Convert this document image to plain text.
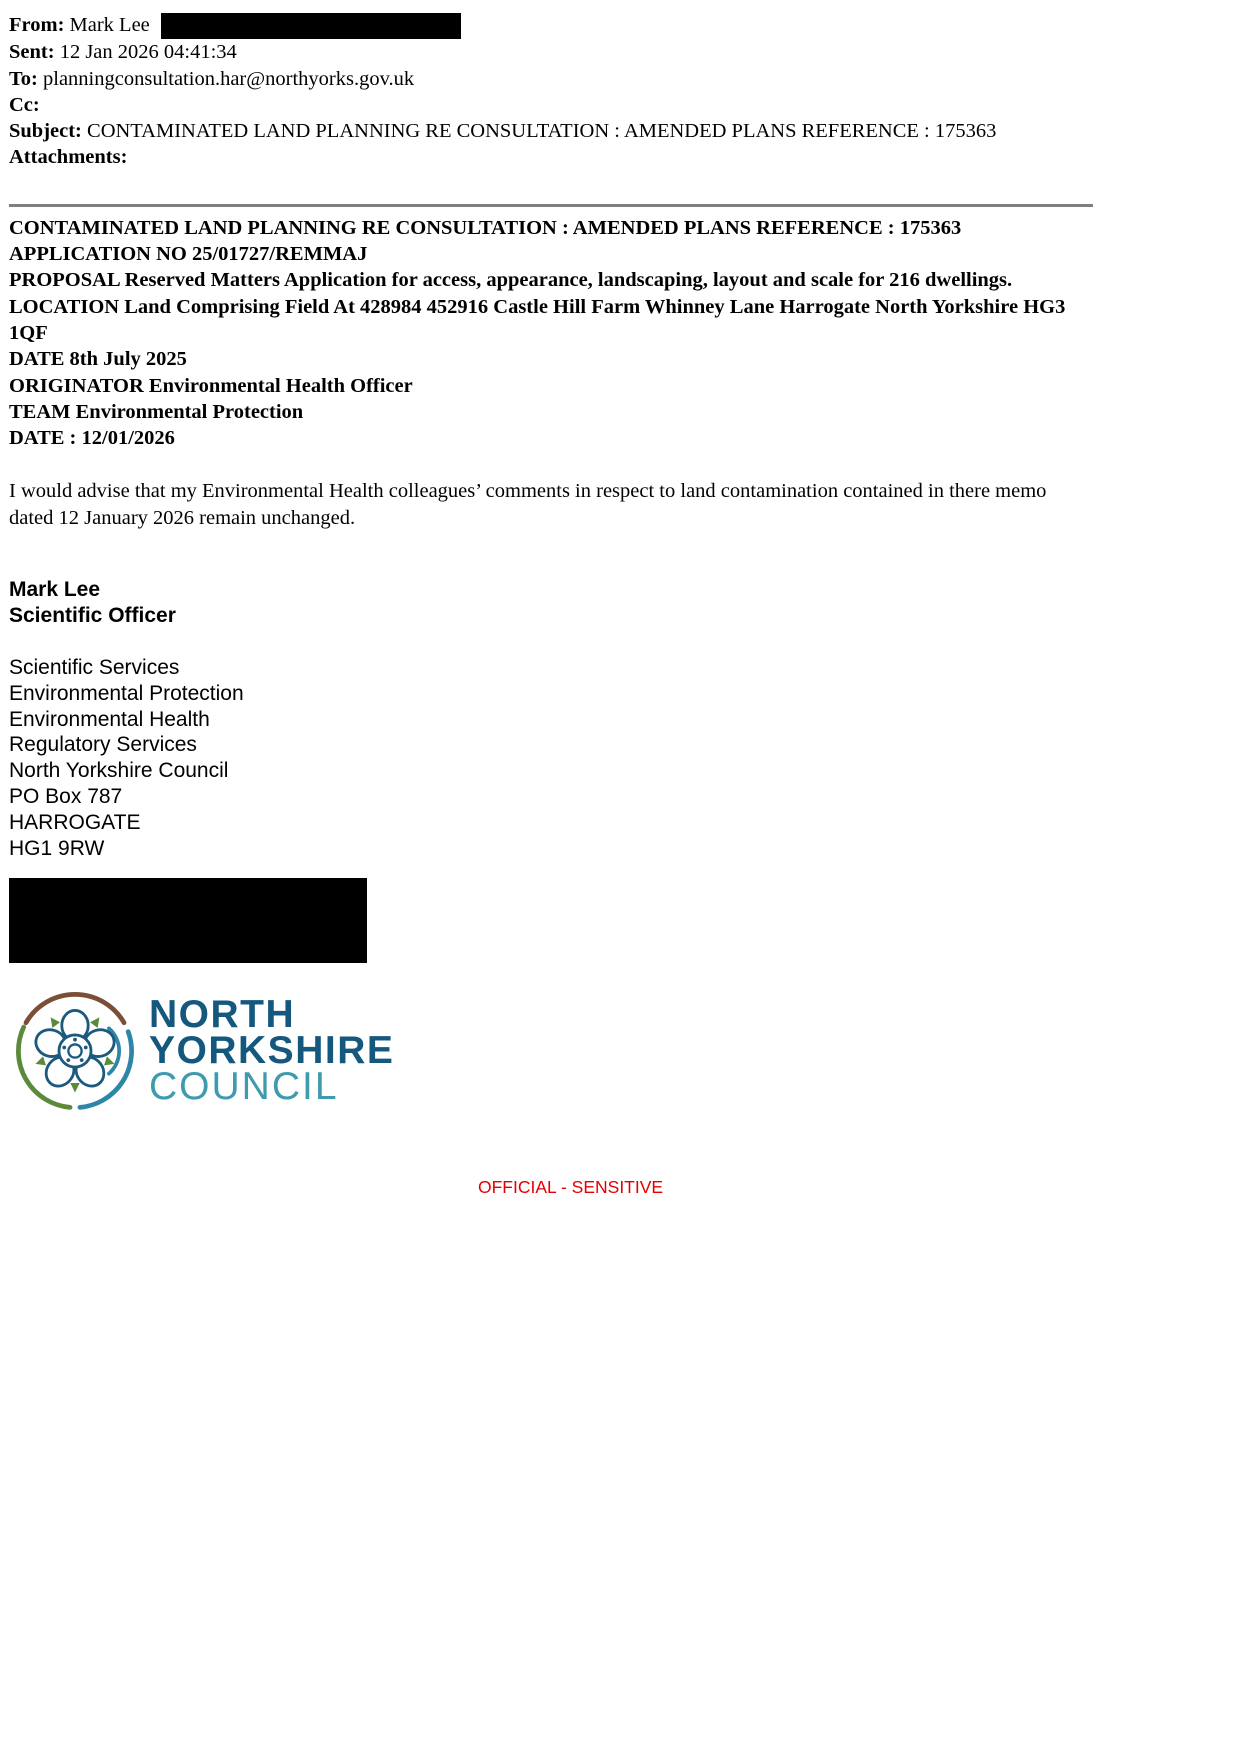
From: Mark Lee
Sent: 12 Jan 2026 04:41:34
To: planningconsultation.har@northyorks.gov.uk
Cc:
Subject: CONTAMINATED LAND PLANNING RE CONSULTATION : AMENDED PLANS REFERENCE : 175363
Attachments:
CONTAMINATED LAND PLANNING RE CONSULTATION : AMENDED PLANS REFERENCE : 175363
APPLICATION NO 25/01727/REMMAJ
PROPOSAL Reserved Matters Application for access, appearance, landscaping, layout and scale for 216 dwellings.
LOCATION Land Comprising Field At 428984 452916 Castle Hill Farm Whinney Lane Harrogate North Yorkshire HG3 1QF
DATE 8th July 2025
ORIGINATOR Environmental Health Officer
TEAM Environmental Protection
DATE : 12/01/2026
I would advise that my Environmental Health colleagues’ comments in respect to land contamination contained in there memo dated 12 January 2026 remain unchanged.
Mark Lee
Scientific Officer
Scientific Services
Environmental Protection
Environmental Health
Regulatory Services
North Yorkshire Council
PO Box 787
HARROGATE
HG1 9RW
NORTH
YORKSHIRE
COUNCIL
OFFICIAL - SENSITIVE
